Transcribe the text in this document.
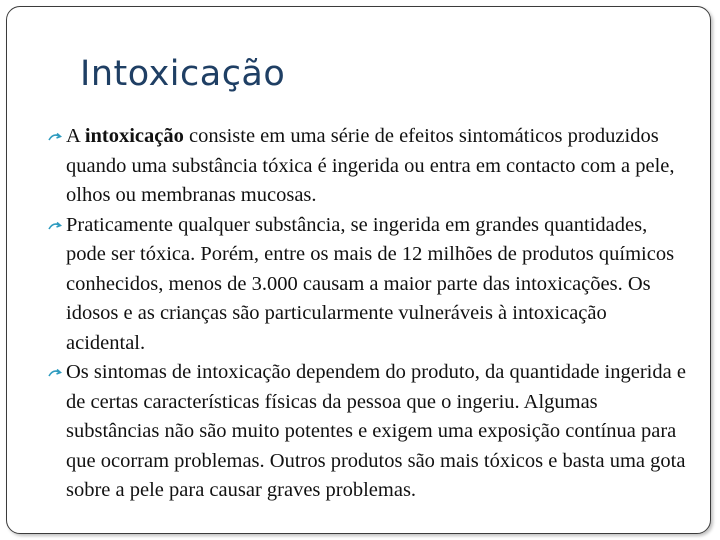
Intoxicação

A intoxicação consiste em uma série de efeitos sintomáticos produzidos quando uma substância tóxica é ingerida ou entra em contacto com a pele, olhos ou membranas mucosas.

Praticamente qualquer substância, se ingerida em grandes quantidades, pode ser tóxica. Porém, entre os mais de 12 milhões de produtos químicos conhecidos, menos de 3.000 causam a maior parte das intoxicações. Os idosos e as crianças são particularmente vulneráveis à intoxicação acidental.

Os sintomas de intoxicação dependem do produto, da quantidade ingerida e de certas características físicas da pessoa que o ingeriu. Algumas substâncias não são muito potentes e exigem uma exposição contínua para que ocorram problemas. Outros produtos são mais tóxicos e basta uma gota sobre a pele para causar graves problemas.
